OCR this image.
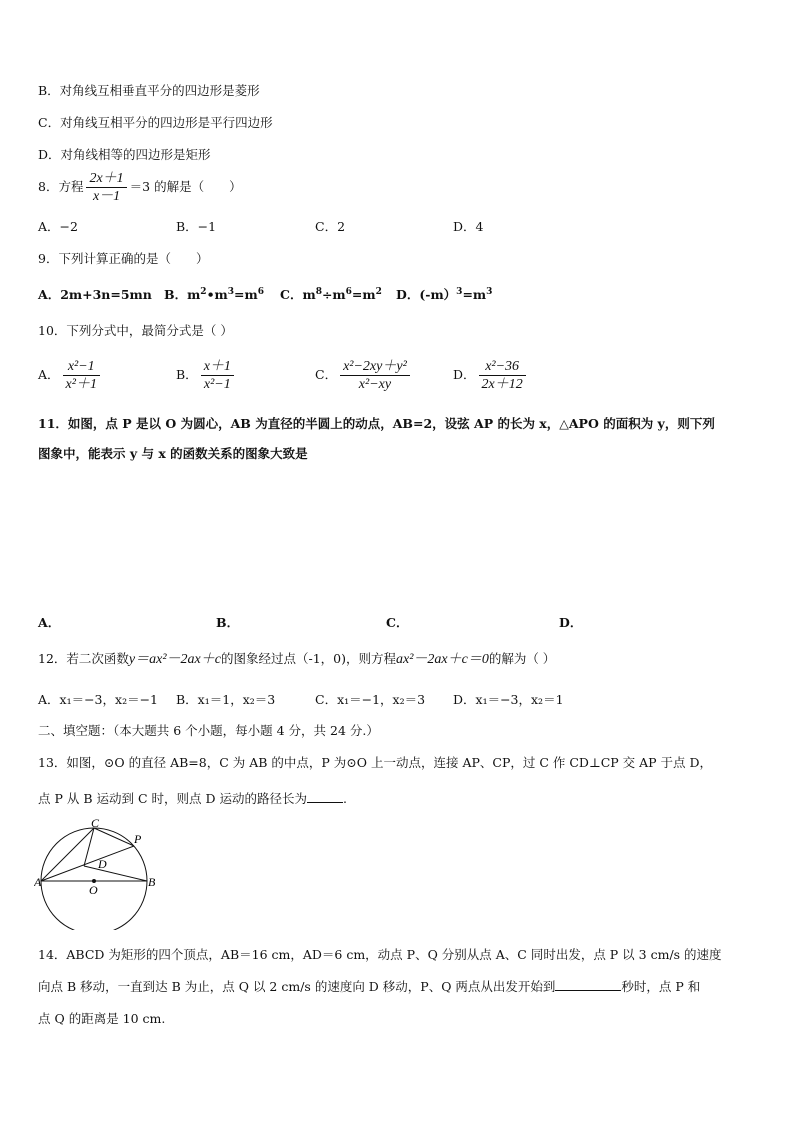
B．对角线互相垂直平分的四边形是菱形
C．对角线互相平分的四边形是平行四边形
D．对角线相等的四边形是矩形
8．方程 $\frac{2x+1}{x-1} =3$ 的解是（　　）
A．−2	B．−1	C．2	D．4
9．下列计算正确的是（　　）
A．2m+3n=5mn B．$m^2•m^3=m^6$ C．$m^8\div m^6=m^2$ D．$(-m)^3=m^3$
10．下列分式中，最简分式是（ ）
A． $\frac{\text{x²−1}}{\text{x²＋1}}$	B． $\frac{x+1}{\text{x²−1}}$	C． $\frac{\text{x²−2xy＋y²}}{\text{x²−xy}}$	D． $\frac{\text{x²−36}}{2x+12}$
11．如图，点 P 是以 O 为圆心，AB 为直径的半圆上的动点，AB=2，设弦 AP 的长为 x，△APO 的面积为 y，则下列
图象中，能表示 y 与 x 的函数关系的图象大致是
A．	B．	C．	D．
12．若二次函数y＝ax²－2ax＋c的图象经过点（-1，0)，则方程ax²－2ax＋c＝0的解为（ ）
A．x₁＝−3，x₂＝−1 B．x₁＝1，x₂＝3	C．x₁＝−1，x₂＝3 D．x₁＝−3，x₂＝1
二、填空题：（本大题共 6 个小题，每小题 4 分，共 24 分.）
13．如图，⊙O 的直径 AB=8，C 为 AB 的中点，P 为⊙O 上一动点，连接 AP、CP，过 C 作 CD⊥CP 交 AP 于点 D，
点 P 从 B 运动到 C 时，则点 D 运动的路径长为	.
A	B
C
P
D
O
14．ABCD 为矩形的四个顶点，AB＝16 cm，AD＝6 cm，动点 P、Q 分别从点 A、C 同时出发，点 P 以 3 cm/s 的速度
向点 B 移动，一直到达 B 为止，点 Q 以 2 cm/s 的速度向 D 移动，P、Q 两点从出发开始到	秒时，点 P 和
点 Q 的距离是 10 cm.
